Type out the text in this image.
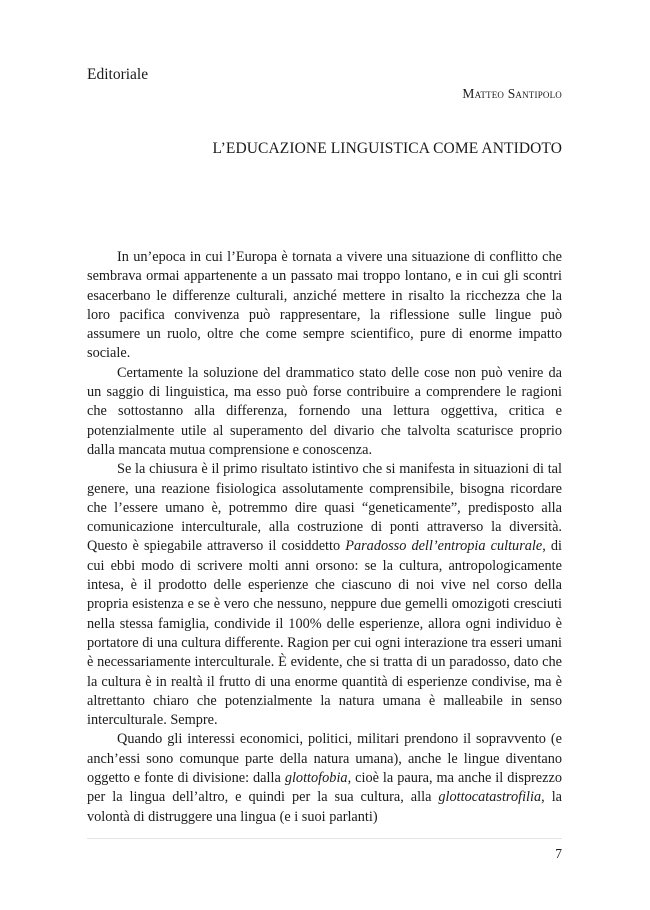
Editoriale

Matteo Santipolo

L’EDUCAZIONE LINGUISTICA COME ANTIDOTO

In un’epoca in cui l’Europa è tornata a vivere una situazione di conflitto che sembrava ormai appartenente a un passato mai troppo lontano, e in cui gli scontri esacerbano le differenze culturali, anziché mettere in risalto la ricchezza che la loro pacifica convivenza può rappresentare, la riflessione sulle lingue può assumere un ruolo, oltre che come sempre scientifico, pure di enorme impatto sociale.

Certamente la soluzione del drammatico stato delle cose non può venire da un saggio di linguistica, ma esso può forse contribuire a comprendere le ragioni che sottostanno alla differenza, fornendo una lettura oggettiva, critica e potenzialmente utile al superamento del divario che talvolta scaturisce proprio dalla mancata mutua comprensione e conoscenza.

Se la chiusura è il primo risultato istintivo che si manifesta in situazioni di tal genere, una reazione fisiologica assolutamente comprensibile, bisogna ricordare che l’essere umano è, potremmo dire quasi “geneticamente”, predisposto alla comunicazione interculturale, alla costruzione di ponti attraverso la diversità. Questo è spiegabile attraverso il cosiddetto Paradosso dell’entropia culturale, di cui ebbi modo di scrivere molti anni orsono: se la cultura, antropologicamente intesa, è il prodotto delle esperienze che ciascuno di noi vive nel corso della propria esistenza e se è vero che nessuno, neppure due gemelli omozigoti cresciuti nella stessa famiglia, condivide il 100% delle esperienze, allora ogni individuo è portatore di una cultura differente. Ragion per cui ogni interazione tra esseri umani è necessariamente interculturale. È evidente, che si tratta di un paradosso, dato che la cultura è in realtà il frutto di una enorme quantità di esperienze condivise, ma è altrettanto chiaro che potenzialmente la natura umana è malleabile in senso interculturale. Sempre.

Quando gli interessi economici, politici, militari prendono il sopravvento (e anch’essi sono comunque parte della natura umana), anche le lingue diventano oggetto e fonte di divisione: dalla glottofobia, cioè la paura, ma anche il disprezzo per la lingua dell’altro, e quindi per la sua cultura, alla glottocatastrofilia, la volontà di distruggere una lingua (e i suoi parlanti)

7
